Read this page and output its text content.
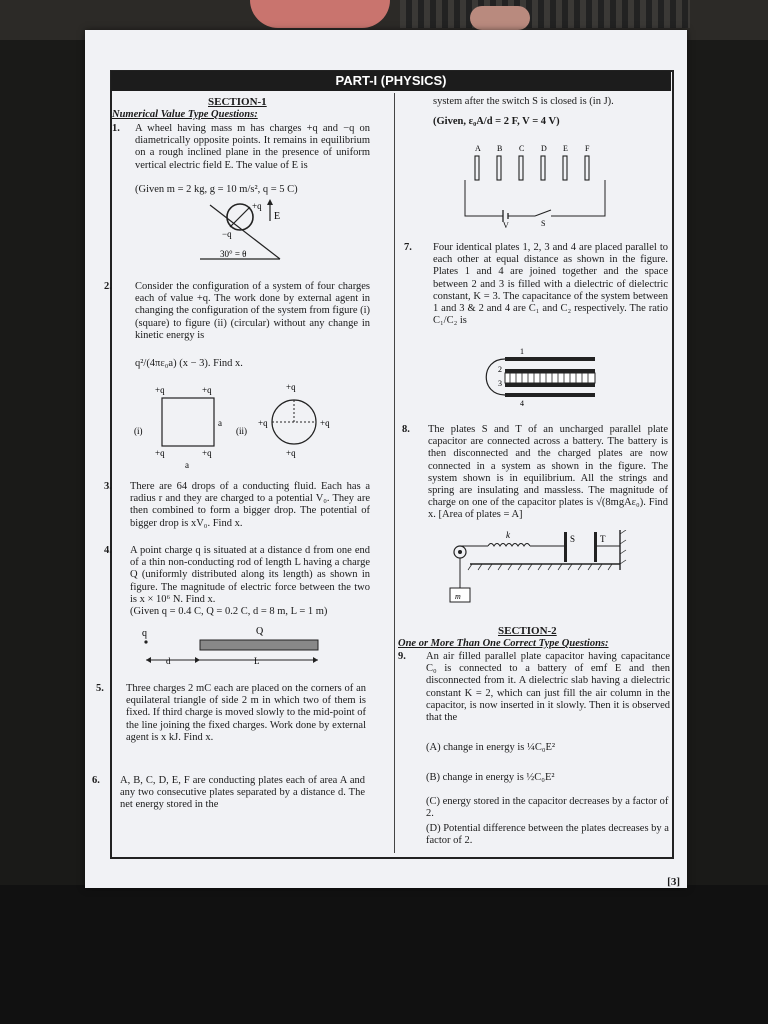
PART-I (PHYSICS)
SECTION-1
Numerical Value Type Questions:
1. A wheel having mass m has charges +q and −q on diametrically opposite points. It remains in equilibrium on a rough inclined plane in the presence of uniform vertical electric field E. The value of E is
(Given m = 2 kg, g = 10 m/s², q = 5 C)
+q
−q
E
30° = θ
2. Consider the configuration of a system of four charges each of value +q. The work done by external agent in changing the configuration of the system from figure (i) (square) to figure (ii) (circular) without any change in kinetic energy is
q²/(4πε₀a) (x − 3). Find x.
+q	+q
+q	+q
a
a
(i)	(ii)
+q
+q	+q
+q
3. There are 64 drops of a conducting fluid. Each has a radius r and they are charged to a potential V₀. They are then combined to form a bigger drop. The potential of bigger drop is xV₀. Find x.
4. A point charge q is situated at a distance d from one end of a thin non-conducting rod of length L having a charge Q (uniformly distributed along its length) as shown in figure. The magnitude of electric force between the two is x × 10⁶ N. Find x.
(Given q = 0.4 C, Q = 0.2 C, d = 8 m, L = 1 m)
q	Q
d	L
5. Three charges 2 mC each are placed on the corners of an equilateral triangle of side 2 m in which two of them is fixed. If third charge is moved slowly to the mid-point of the line joining the fixed charges. Work done by external agent is x kJ. Find x.
6. A, B, C, D, E, F are conducting plates each of area A and any two consecutive plates separated by a distance d. The net energy stored in the
system after the switch S is closed is (in J).
(Given, ε₀A/d = 2 F, V = 4 V)
A B C D E F
V	S
7. Four identical plates 1, 2, 3 and 4 are placed parallel to each other at equal distance as shown in the figure. Plates 1 and 4 are joined together and the space between 2 and 3 is filled with a dielectric of dielectric constant, K = 3. The capacitance of the system between 1 and 3 & 2 and 4 are C₁ and C₂ respectively. The ratio C₁/C₂ is
1
2
3
4
8. The plates S and T of an uncharged parallel plate capacitor are connected across a battery. The battery is then disconnected and the charged plates are now connected in a system as shown in the figure. The system shown is in equilibrium. All the strings and spring are insulating and massless. The magnitude of charge on one of the capacitor plates is √(8mgAε₀). Find x. [Area of plates = A]
m
k	S	T
SECTION-2
One or More Than One Correct Type Questions:
9. An air filled parallel plate capacitor having capacitance C₀ is connected to a battery of emf E and then disconnected from it. A dielectric slab having a dielectric constant K = 2, which can just fill the air column in the capacitor, is now inserted in it slowly. Then it is observed that the
(A) change in energy is ¼C₀E²
(B) change in energy is ½C₀E²
(C) energy stored in the capacitor decreases by a factor of 2.
(D) Potential difference between the plates decreases by a factor of 2.
[3]
